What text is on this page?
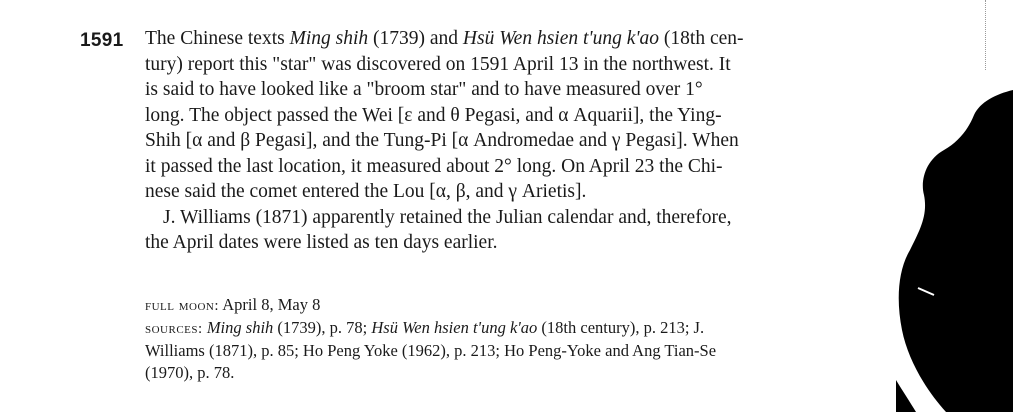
1591 The Chinese texts Ming shih (1739) and Hsü Wen hsien t'ung k'ao (18th cen-
tury) report this "star" was discovered on 1591 April 13 in the northwest. It
is said to have looked like a "broom star" and to have measured over 1°
long. The object passed the Wei [ε and θ Pegasi, and α Aquarii], the Ying-
Shih [α and β Pegasi], and the Tung-Pi [α Andromedae and γ Pegasi]. When
it passed the last location, it measured about 2° long. On April 23 the Chi-
nese said the comet entered the Lou [α, β, and γ Arietis].
J. Williams (1871) apparently retained the Julian calendar and, therefore,
the April dates were listed as ten days earlier.
full moon: April 8, May 8
sources: Ming shih (1739), p. 78; Hsü Wen hsien t'ung k'ao (18th century), p. 213; J.
Williams (1871), p. 85; Ho Peng Yoke (1962), p. 213; Ho Peng-Yoke and Ang Tian-Se
(1970), p. 78.
